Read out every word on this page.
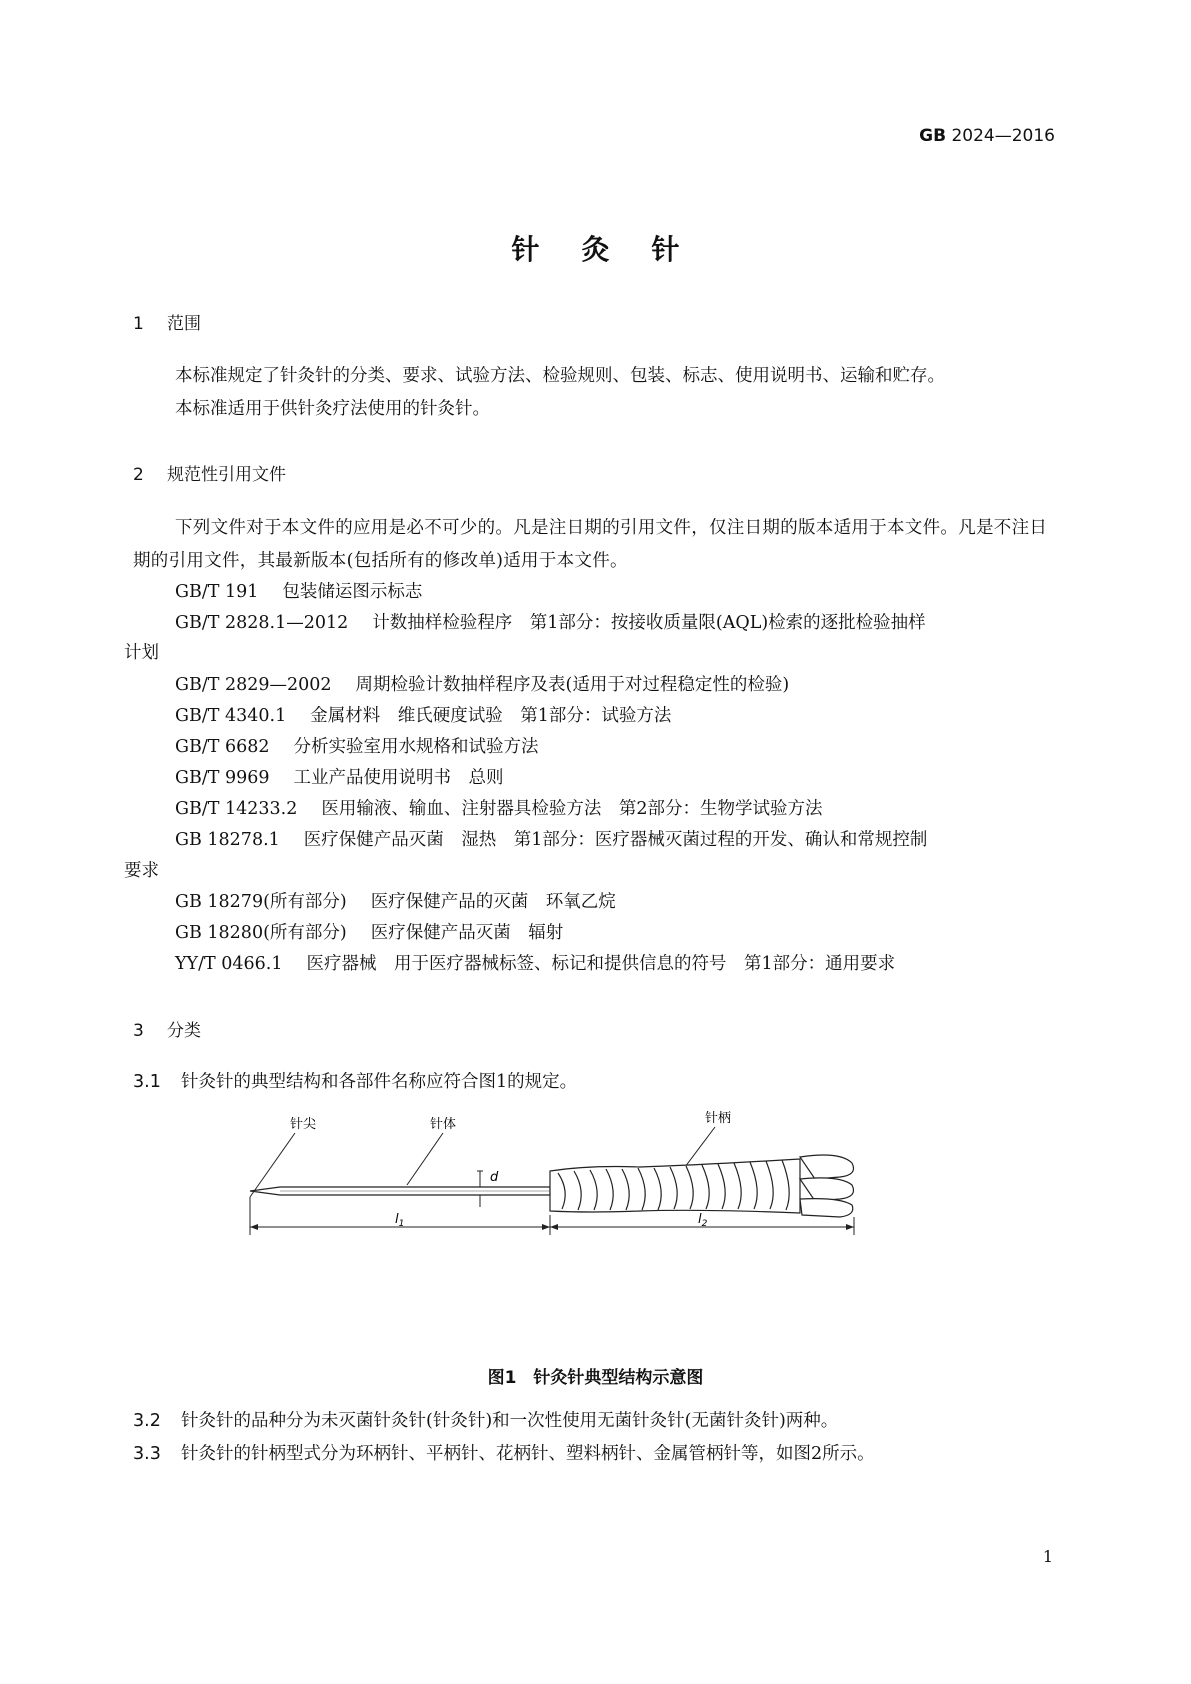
GB 2024—2016
针灸针
1 范围
本标准规定了针灸针的分类、要求、试验方法、检验规则、包装、标志、使用说明书、运输和贮存。
本标准适用于供针灸疗法使用的针灸针。
2 规范性引用文件
下列文件对于本文件的应用是必不可少的。凡是注日期的引用文件，仅注日期的版本适用于本文件。凡是不注日期的引用文件，其最新版本(包括所有的修改单)适用于本文件。
GB/T 191 包装储运图示标志
GB/T 2828.1—2012 计数抽样检验程序　第1部分：按接收质量限(AQL)检索的逐批检验抽样
计划
GB/T 2829—2002 周期检验计数抽样程序及表(适用于对过程稳定性的检验)
GB/T 4340.1 金属材料　维氏硬度试验　第1部分：试验方法
GB/T 6682 分析实验室用水规格和试验方法
GB/T 9969 工业产品使用说明书　总则
GB/T 14233.2 医用输液、输血、注射器具检验方法　第2部分：生物学试验方法
GB 18278.1 医疗保健产品灭菌　湿热　第1部分：医疗器械灭菌过程的开发、确认和常规控制
要求
GB 18279(所有部分) 医疗保健产品的灭菌　环氧乙烷
GB 18280(所有部分) 医疗保健产品灭菌　辐射
YY/T 0466.1 医疗器械　用于医疗器械标签、标记和提供信息的符号　第1部分：通用要求
3 分类
3.1 针灸针的典型结构和各部件名称应符合图1的规定。
针尖	针体	针柄
d
$l_1$	$l_2$
图1　针灸针典型结构示意图
3.2 针灸针的品种分为未灭菌针灸针(针灸针)和一次性使用无菌针灸针(无菌针灸针)两种。
3.3 针灸针的针柄型式分为环柄针、平柄针、花柄针、塑料柄针、金属管柄针等，如图2所示。
1
